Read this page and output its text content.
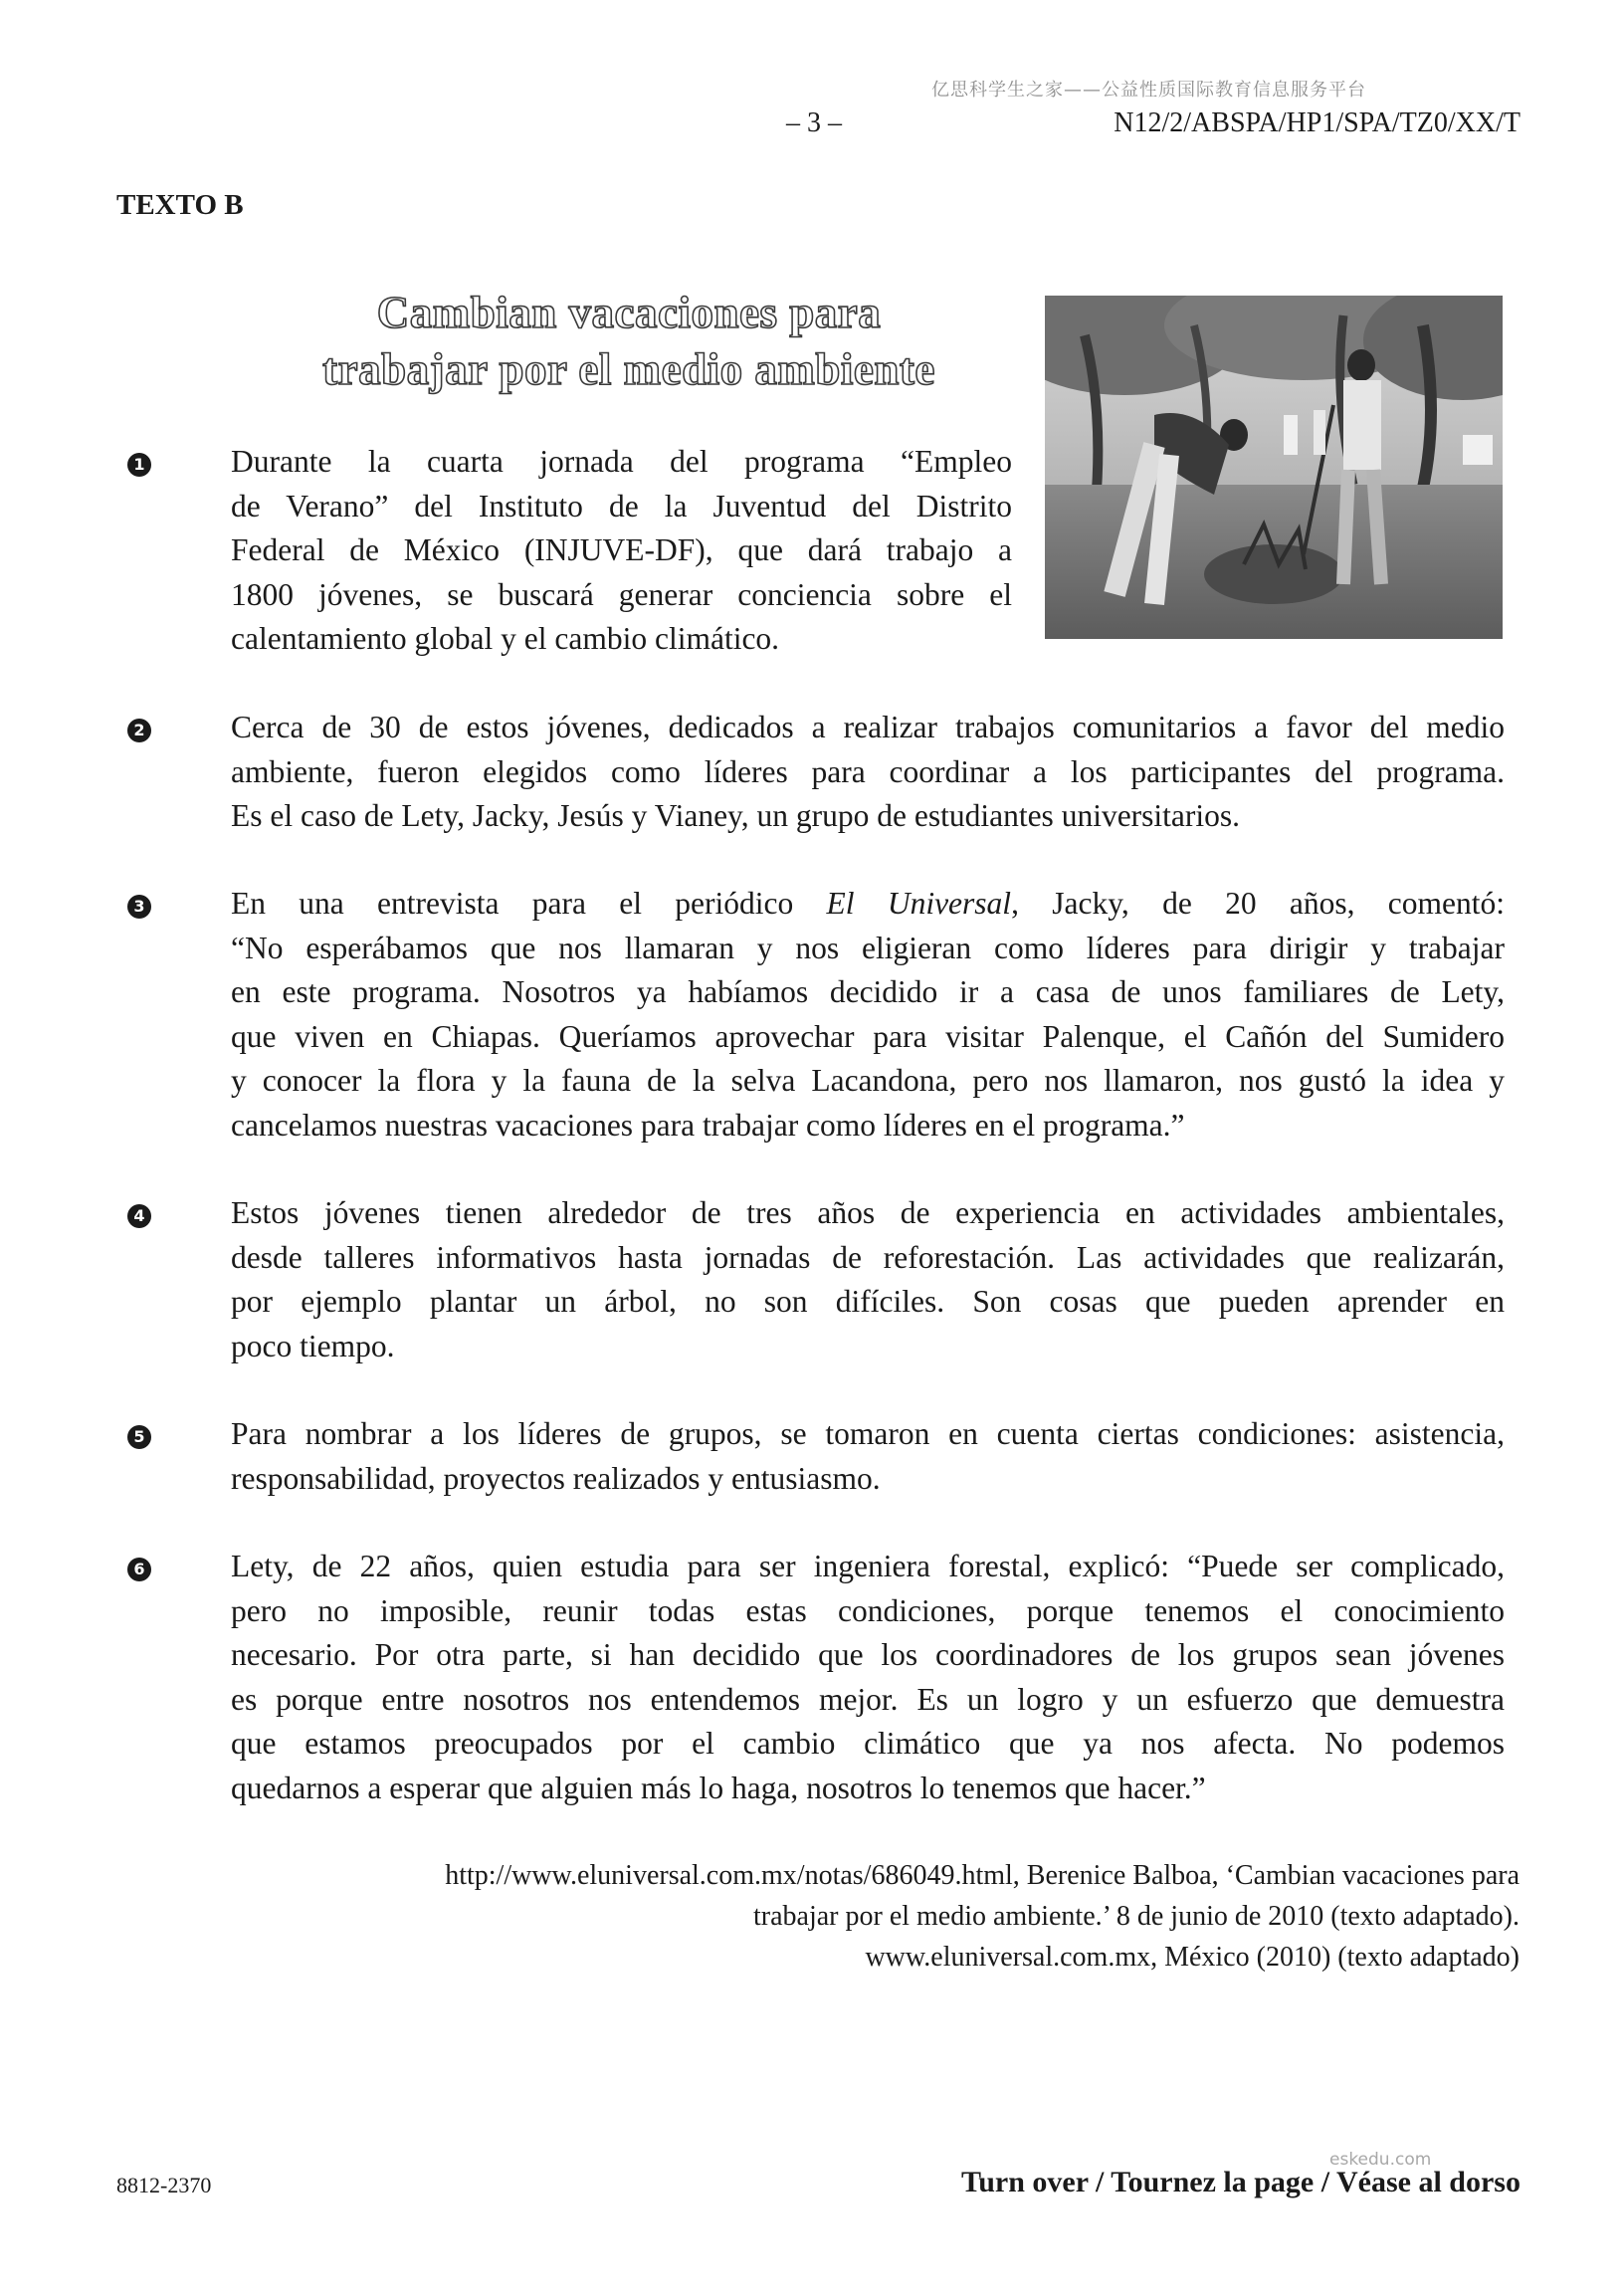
亿思科学生之家——公益性质国际教育信息服务平台
– 3 –	N12/2/ABSPA/HP1/SPA/TZ0/XX/T
TEXTO B
Cambian vacaciones para
trabajar por el medio ambiente
1	Durante la cuarta jornada del programa “Empleo
de Verano” del Instituto de la Juventud del Distrito
Federal de México (INJUVE-DF), que dará trabajo a
1800 jóvenes, se buscará generar conciencia sobre el
calentamiento global y el cambio climático.
2	Cerca de 30 de estos jóvenes, dedicados a realizar trabajos comunitarios a favor del medio
ambiente, fueron elegidos como líderes para coordinar a los participantes del programa.
Es el caso de Lety, Jacky, Jesús y Vianey, un grupo de estudiantes universitarios.
3	En una entrevista para el periódico El Universal, Jacky, de 20 años, comentó:
“No esperábamos que nos llamaran y nos eligieran como líderes para dirigir y trabajar
en este programa. Nosotros ya habíamos decidido ir a casa de unos familiares de Lety,
que viven en Chiapas. Queríamos aprovechar para visitar Palenque, el Cañón del Sumidero
y conocer la flora y la fauna de la selva Lacandona, pero nos llamaron, nos gustó la idea y
cancelamos nuestras vacaciones para trabajar como líderes en el programa.”
4	Estos jóvenes tienen alrededor de tres años de experiencia en actividades ambientales,
desde talleres informativos hasta jornadas de reforestación. Las actividades que realizarán,
por ejemplo plantar un árbol, no son difíciles. Son cosas que pueden aprender en
poco tiempo.
5	Para nombrar a los líderes de grupos, se tomaron en cuenta ciertas condiciones: asistencia,
responsabilidad, proyectos realizados y entusiasmo.
6	Lety, de 22 años, quien estudia para ser ingeniera forestal, explicó: “Puede ser complicado,
pero no imposible, reunir todas estas condiciones, porque tenemos el conocimiento
necesario. Por otra parte, si han decidido que los coordinadores de los grupos sean jóvenes
es porque entre nosotros nos entendemos mejor. Es un logro y un esfuerzo que demuestra
que estamos preocupados por el cambio climático que ya nos afecta. No podemos
quedarnos a esperar que alguien más lo haga, nosotros lo tenemos que hacer.”
http://www.eluniversal.com.mx/notas/686049.html, Berenice Balboa, ‘Cambian vacaciones para
trabajar por el medio ambiente.’ 8 de junio de 2010 (texto adaptado).
www.eluniversal.com.mx, México (2010) (texto adaptado)
eskedu.com
8812-2370	Turn over / Tournez la page / Véase al dorso
